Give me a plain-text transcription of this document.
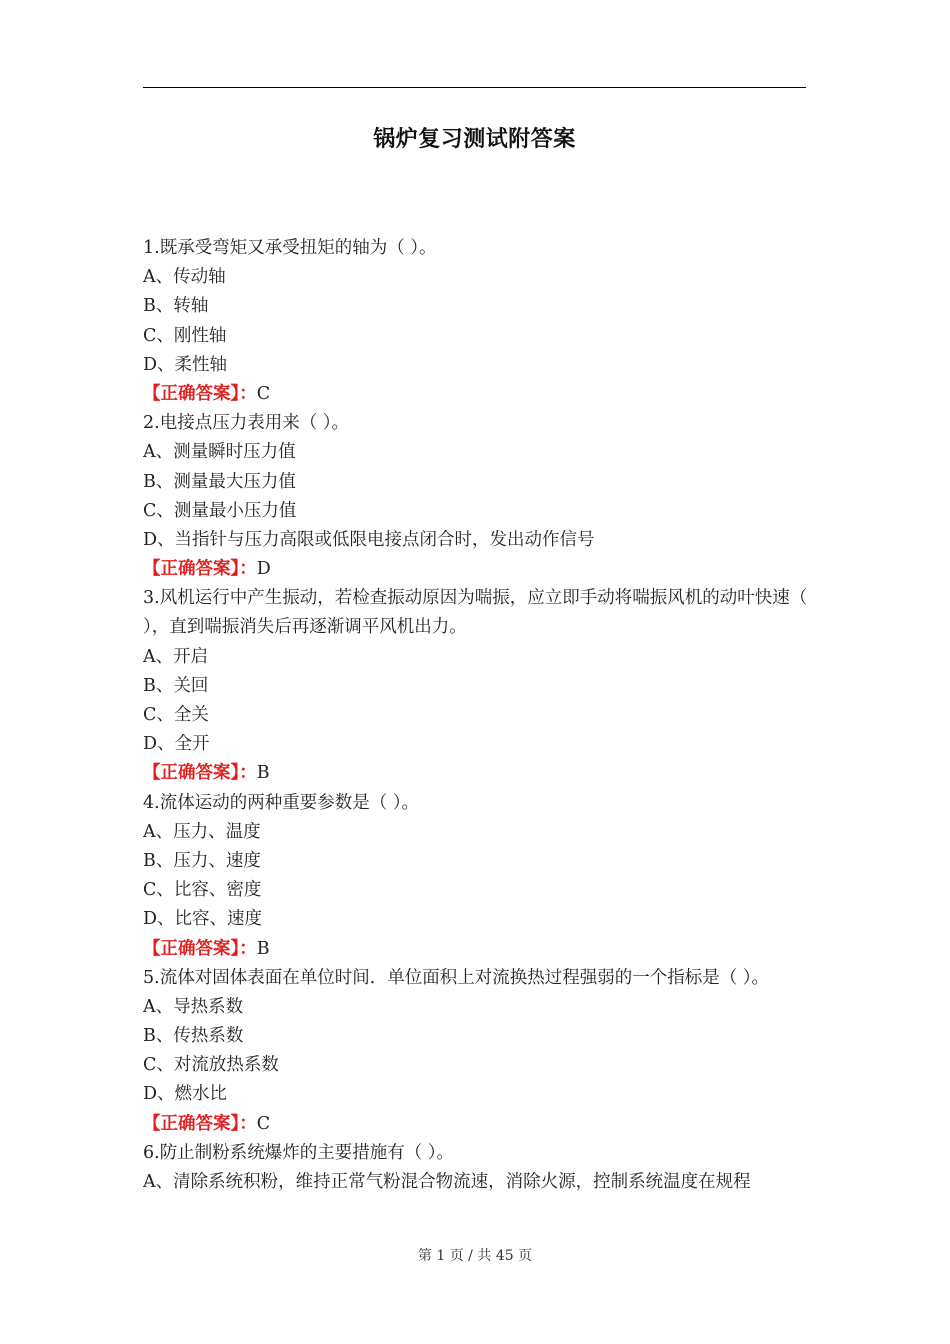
锅炉复习测试附答案
1.既承受弯矩又承受扭矩的轴为（ ）。
A、传动轴
B、转轴
C、刚性轴
D、柔性轴
【正确答案】：C
2.电接点压力表用来（ ）。
A、测量瞬时压力值
B、测量最大压力值
C、测量最小压力值
D、当指针与压力高限或低限电接点闭合时，发出动作信号
【正确答案】：D
3.风机运行中产生振动，若检查振动原因为喘振，应立即手动将喘振风机的动叶快速（ ），直到喘振消失后再逐渐调平风机出力。
A、开启
B、关回
C、全关
D、全开
【正确答案】：B
4.流体运动的两种重要参数是（ ）。
A、压力、温度
B、压力、速度
C、比容、密度
D、比容、速度
【正确答案】：B
5.流体对固体表面在单位时间．单位面积上对流换热过程强弱的一个指标是（ ）。
A、导热系数
B、传热系数
C、对流放热系数
D、燃水比
【正确答案】：C
6.防止制粉系统爆炸的主要措施有（ ）。
A、清除系统积粉，维持正常气粉混合物流速，消除火源，控制系统温度在规程
第 1 页 / 共 45 页
